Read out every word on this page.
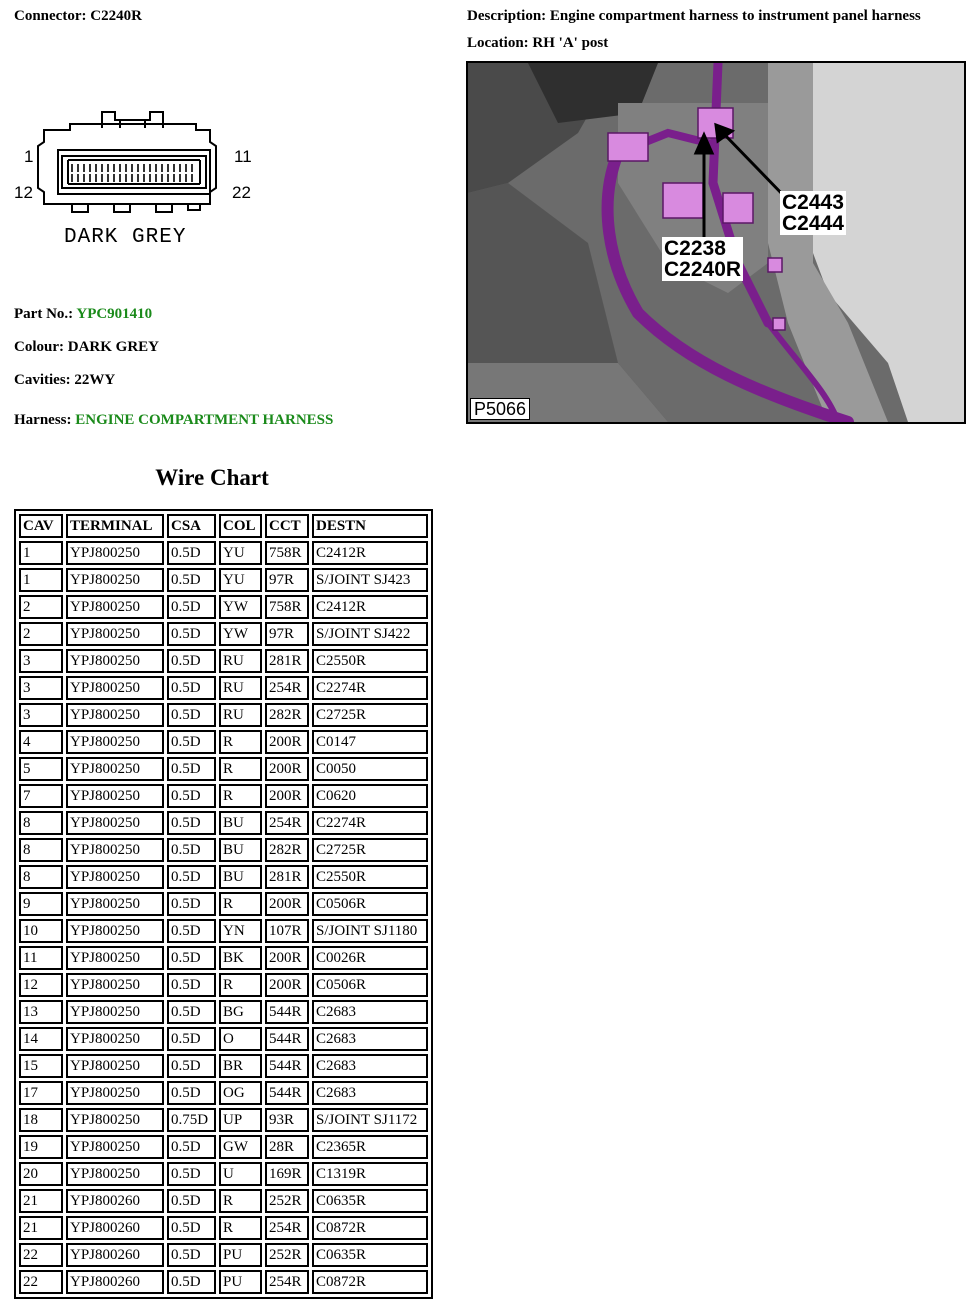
Connector: C2240R	Description: Engine compartment harness to instrument panel harness
Location: RH 'A' post
1	11
12	22
DARK GREY
C2443
C2444
C2238
C2240R
P5066
Part No.: YPC901410
Colour: DARK GREY
Cavities: 22WY
Harness: ENGINE COMPARTMENT HARNESS
Wire Chart
CAV	TERMINAL	CSA	COL	CCT	DESTN
1	YPJ800250	0.5D	YU	758R	C2412R
1	YPJ800250	0.5D	YU	97R	S/JOINT SJ423
2	YPJ800250	0.5D	YW	758R	C2412R
2	YPJ800250	0.5D	YW	97R	S/JOINT SJ422
3	YPJ800250	0.5D	RU	281R	C2550R
3	YPJ800250	0.5D	RU	254R	C2274R
3	YPJ800250	0.5D	RU	282R	C2725R
4	YPJ800250	0.5D	R	200R	C0147
5	YPJ800250	0.5D	R	200R	C0050
7	YPJ800250	0.5D	R	200R	C0620
8	YPJ800250	0.5D	BU	254R	C2274R
8	YPJ800250	0.5D	BU	282R	C2725R
8	YPJ800250	0.5D	BU	281R	C2550R
9	YPJ800250	0.5D	R	200R	C0506R
10	YPJ800250	0.5D	YN	107R	S/JOINT SJ1180
11	YPJ800250	0.5D	BK	200R	C0026R
12	YPJ800250	0.5D	R	200R	C0506R
13	YPJ800250	0.5D	BG	544R	C2683
14	YPJ800250	0.5D	O	544R	C2683
15	YPJ800250	0.5D	BR	544R	C2683
17	YPJ800250	0.5D	OG	544R	C2683
18	YPJ800250	0.75D	UP	93R	S/JOINT SJ1172
19	YPJ800250	0.5D	GW	28R	C2365R
20	YPJ800250	0.5D	U	169R	C1319R
21	YPJ800260	0.5D	R	252R	C0635R
21	YPJ800260	0.5D	R	254R	C0872R
22	YPJ800260	0.5D	PU	252R	C0635R
22	YPJ800260	0.5D	PU	254R	C0872R
